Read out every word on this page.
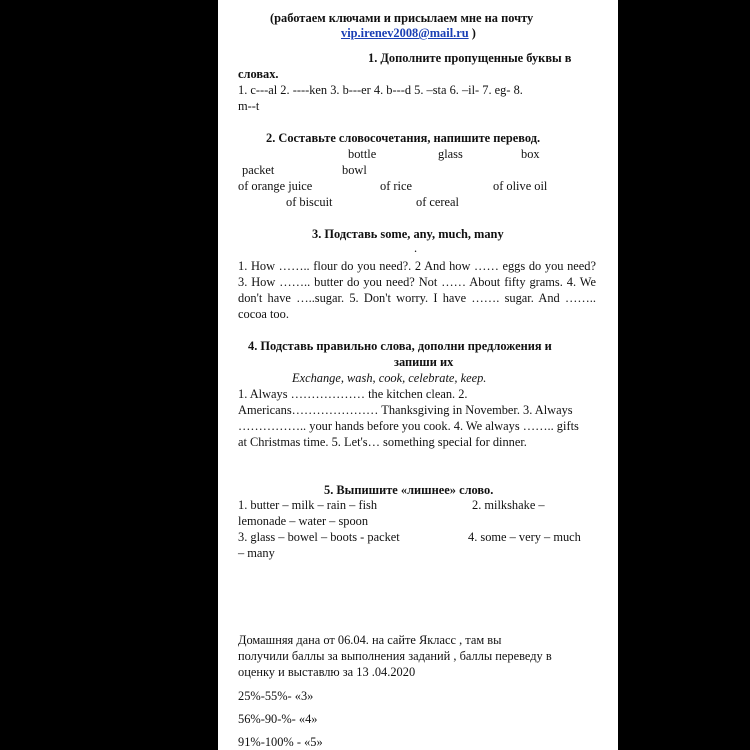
(работаем ключами и присылаем мне на почту
vip.irenev2008@mail.ru )
1. Дополните пропущенные буквы в
словах.
1. c---al 2. ----ken 3. b---er 4. b---d 5. –sta 6. –il- 7. eg- 8.
m--t
2. Составьте словосочетания, напишите перевод.
bottle	glass	box
packet	bowl
of orange juice	of rice	of olive oil
of biscuit	of cereal
3. Подставь some, any, much, many
.
1. How …….. flour do you need?. 2 And how …… eggs do you need? 3. How …….. butter do you need? Not …… About fifty grams. 4. We don't have …..sugar. 5. Don't worry. I have ……. sugar. And …….. cocoa too.
4. Подставь правильно слова, дополни предложения и
запиши их
Exchange, wash, cook, celebrate, keep.
1. Always ……………… the kitchen clean. 2. Americans………………… Thanksgiving in November. 3. Always …………….. your hands before you cook. 4. We always …….. gifts at Christmas time. 5. Let's… something special for dinner.
5. Выпишите «лишнее» слово.
1. butter – milk – rain – fish	2. milkshake –
lemonade – water – spoon
3. glass – bowel – boots - packet	4. some – very – much
– many
Домашняя дана от 06.04. на сайте Якласс , там вы
получили баллы за выполнения заданий , баллы переведу в
оценку и выставлю за 13 .04.2020
25%-55%- «3»
56%-90-%- «4»
91%-100% - «5»
